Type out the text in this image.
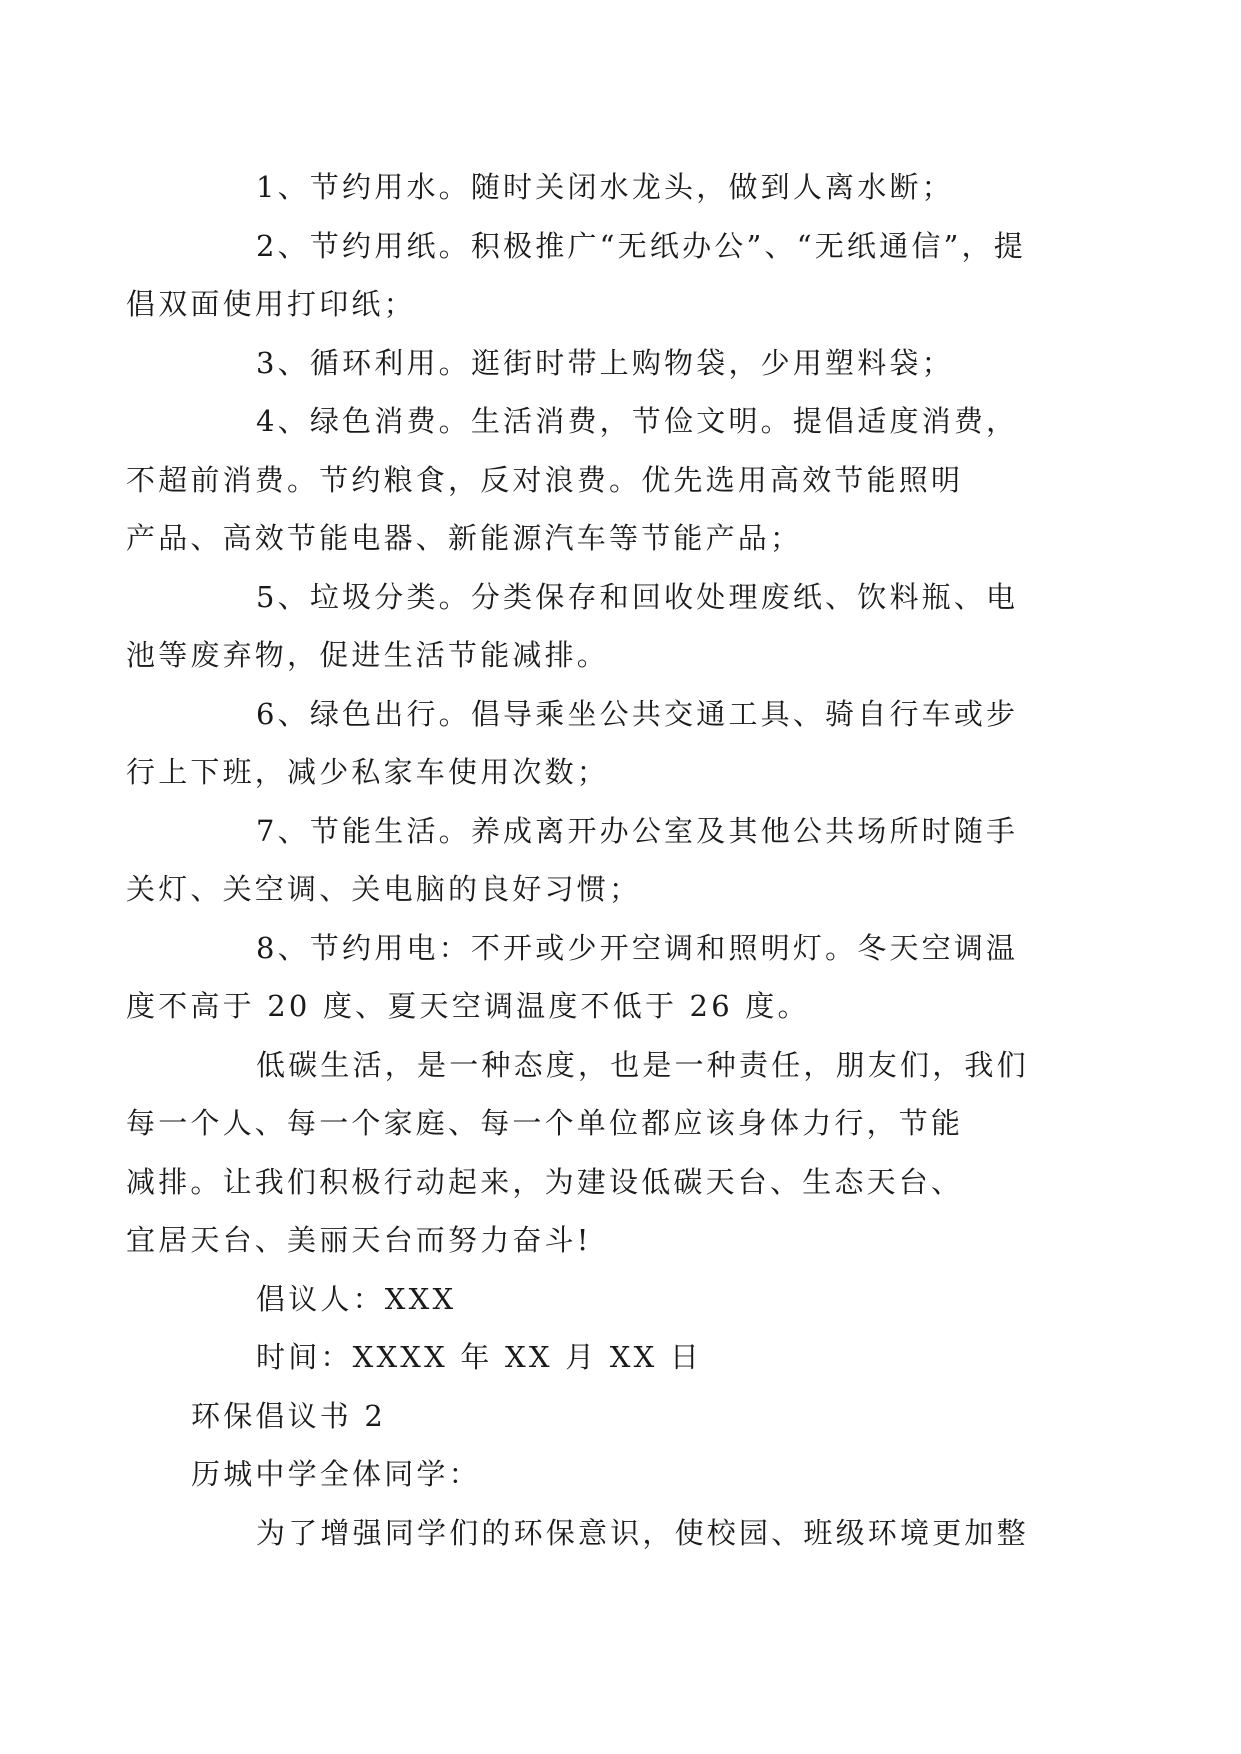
1、节约用水。随时关闭水龙头，做到人离水断；

2、节约用纸。积极推广“无纸办公”、“无纸通信”，提
倡双面使用打印纸；

3、循环利用。逛街时带上购物袋，少用塑料袋；

4、绿色消费。生活消费，节俭文明。提倡适度消费，
不超前消费。节约粮食，反对浪费。优先选用高效节能照明
产品、高效节能电器、新能源汽车等节能产品；

5、垃圾分类。分类保存和回收处理废纸、饮料瓶、电
池等废弃物，促进生活节能减排。

6、绿色出行。倡导乘坐公共交通工具、骑自行车或步
行上下班，减少私家车使用次数；

7、节能生活。养成离开办公室及其他公共场所时随手
关灯、关空调、关电脑的良好习惯；

8、节约用电：不开或少开空调和照明灯。冬天空调温
度不高于 20 度、夏天空调温度不低于 26 度。

低碳生活，是一种态度，也是一种责任，朋友们，我们
每一个人、每一个家庭、每一个单位都应该身体力行，节能
减排。让我们积极行动起来，为建设低碳天台、生态天台、
宜居天台、美丽天台而努力奋斗!

倡议人：XXX

时间：XXXX 年 XX 月 XX 日

环保倡议书 2

历城中学全体同学：

为了增强同学们的环保意识，使校园、班级环境更加整
